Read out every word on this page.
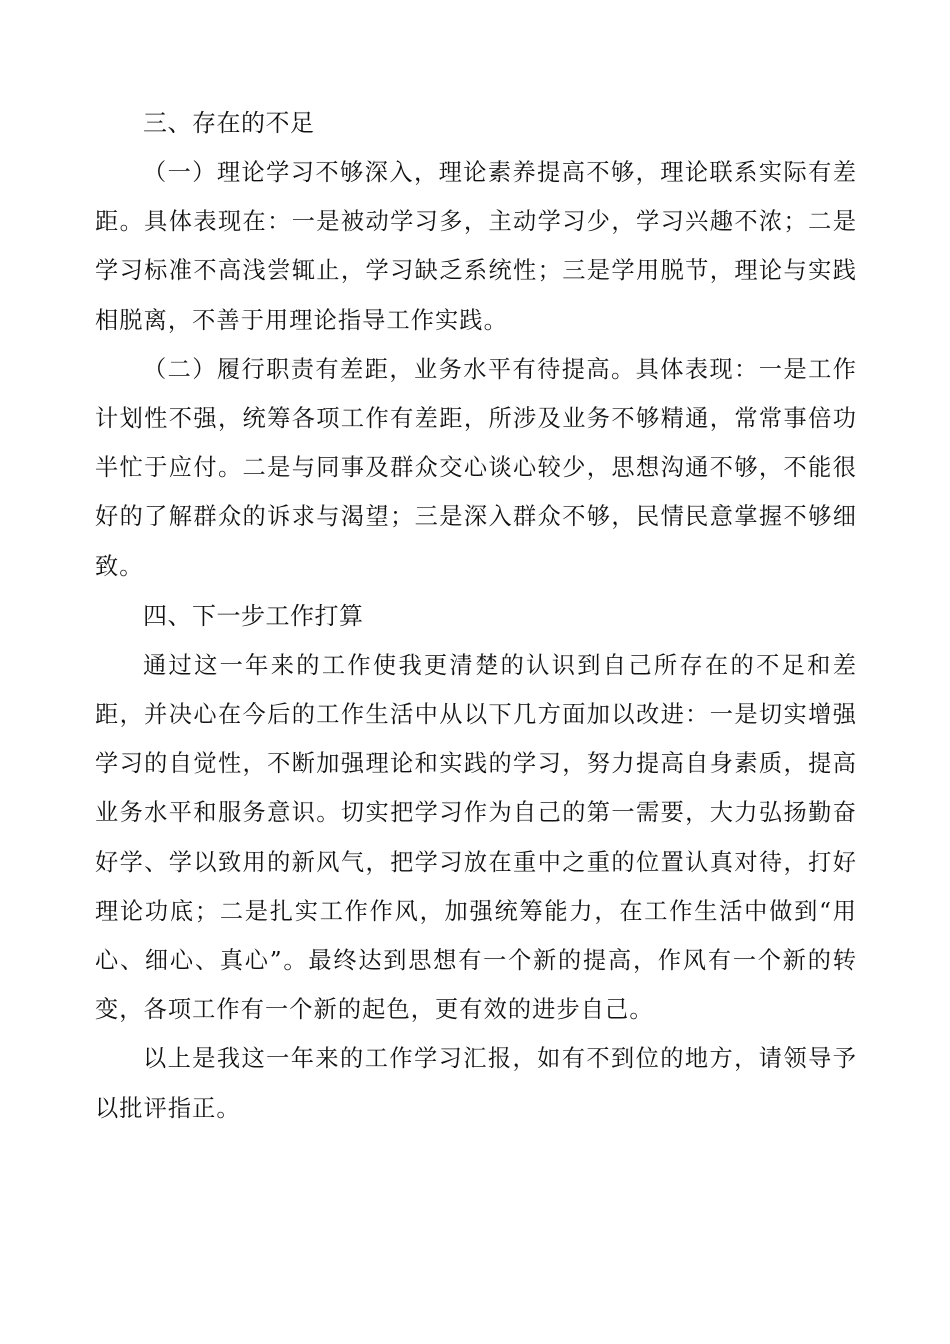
三、存在的不足

（一）理论学习不够深入，理论素养提高不够，理论联系实际有差距。具体表现在：一是被动学习多，主动学习少，学习兴趣不浓；二是学习标准不高浅尝辄止，学习缺乏系统性；三是学用脱节，理论与实践相脱离，不善于用理论指导工作实践。

（二）履行职责有差距，业务水平有待提高。具体表现：一是工作计划性不强，统筹各项工作有差距，所涉及业务不够精通，常常事倍功半忙于应付。二是与同事及群众交心谈心较少，思想沟通不够，不能很好的了解群众的诉求与渴望；三是深入群众不够，民情民意掌握不够细致。

四、下一步工作打算

通过这一年来的工作使我更清楚的认识到自己所存在的不足和差距，并决心在今后的工作生活中从以下几方面加以改进：一是切实增强学习的自觉性，不断加强理论和实践的学习，努力提高自身素质，提高业务水平和服务意识。切实把学习作为自己的第一需要，大力弘扬勤奋好学、学以致用的新风气，把学习放在重中之重的位置认真对待，打好理论功底；二是扎实工作作风，加强统筹能力，在工作生活中做到“用心、细心、真心”。最终达到思想有一个新的提高，作风有一个新的转变，各项工作有一个新的起色，更有效的进步自己。

以上是我这一年来的工作学习汇报，如有不到位的地方，请领导予以批评指正。
